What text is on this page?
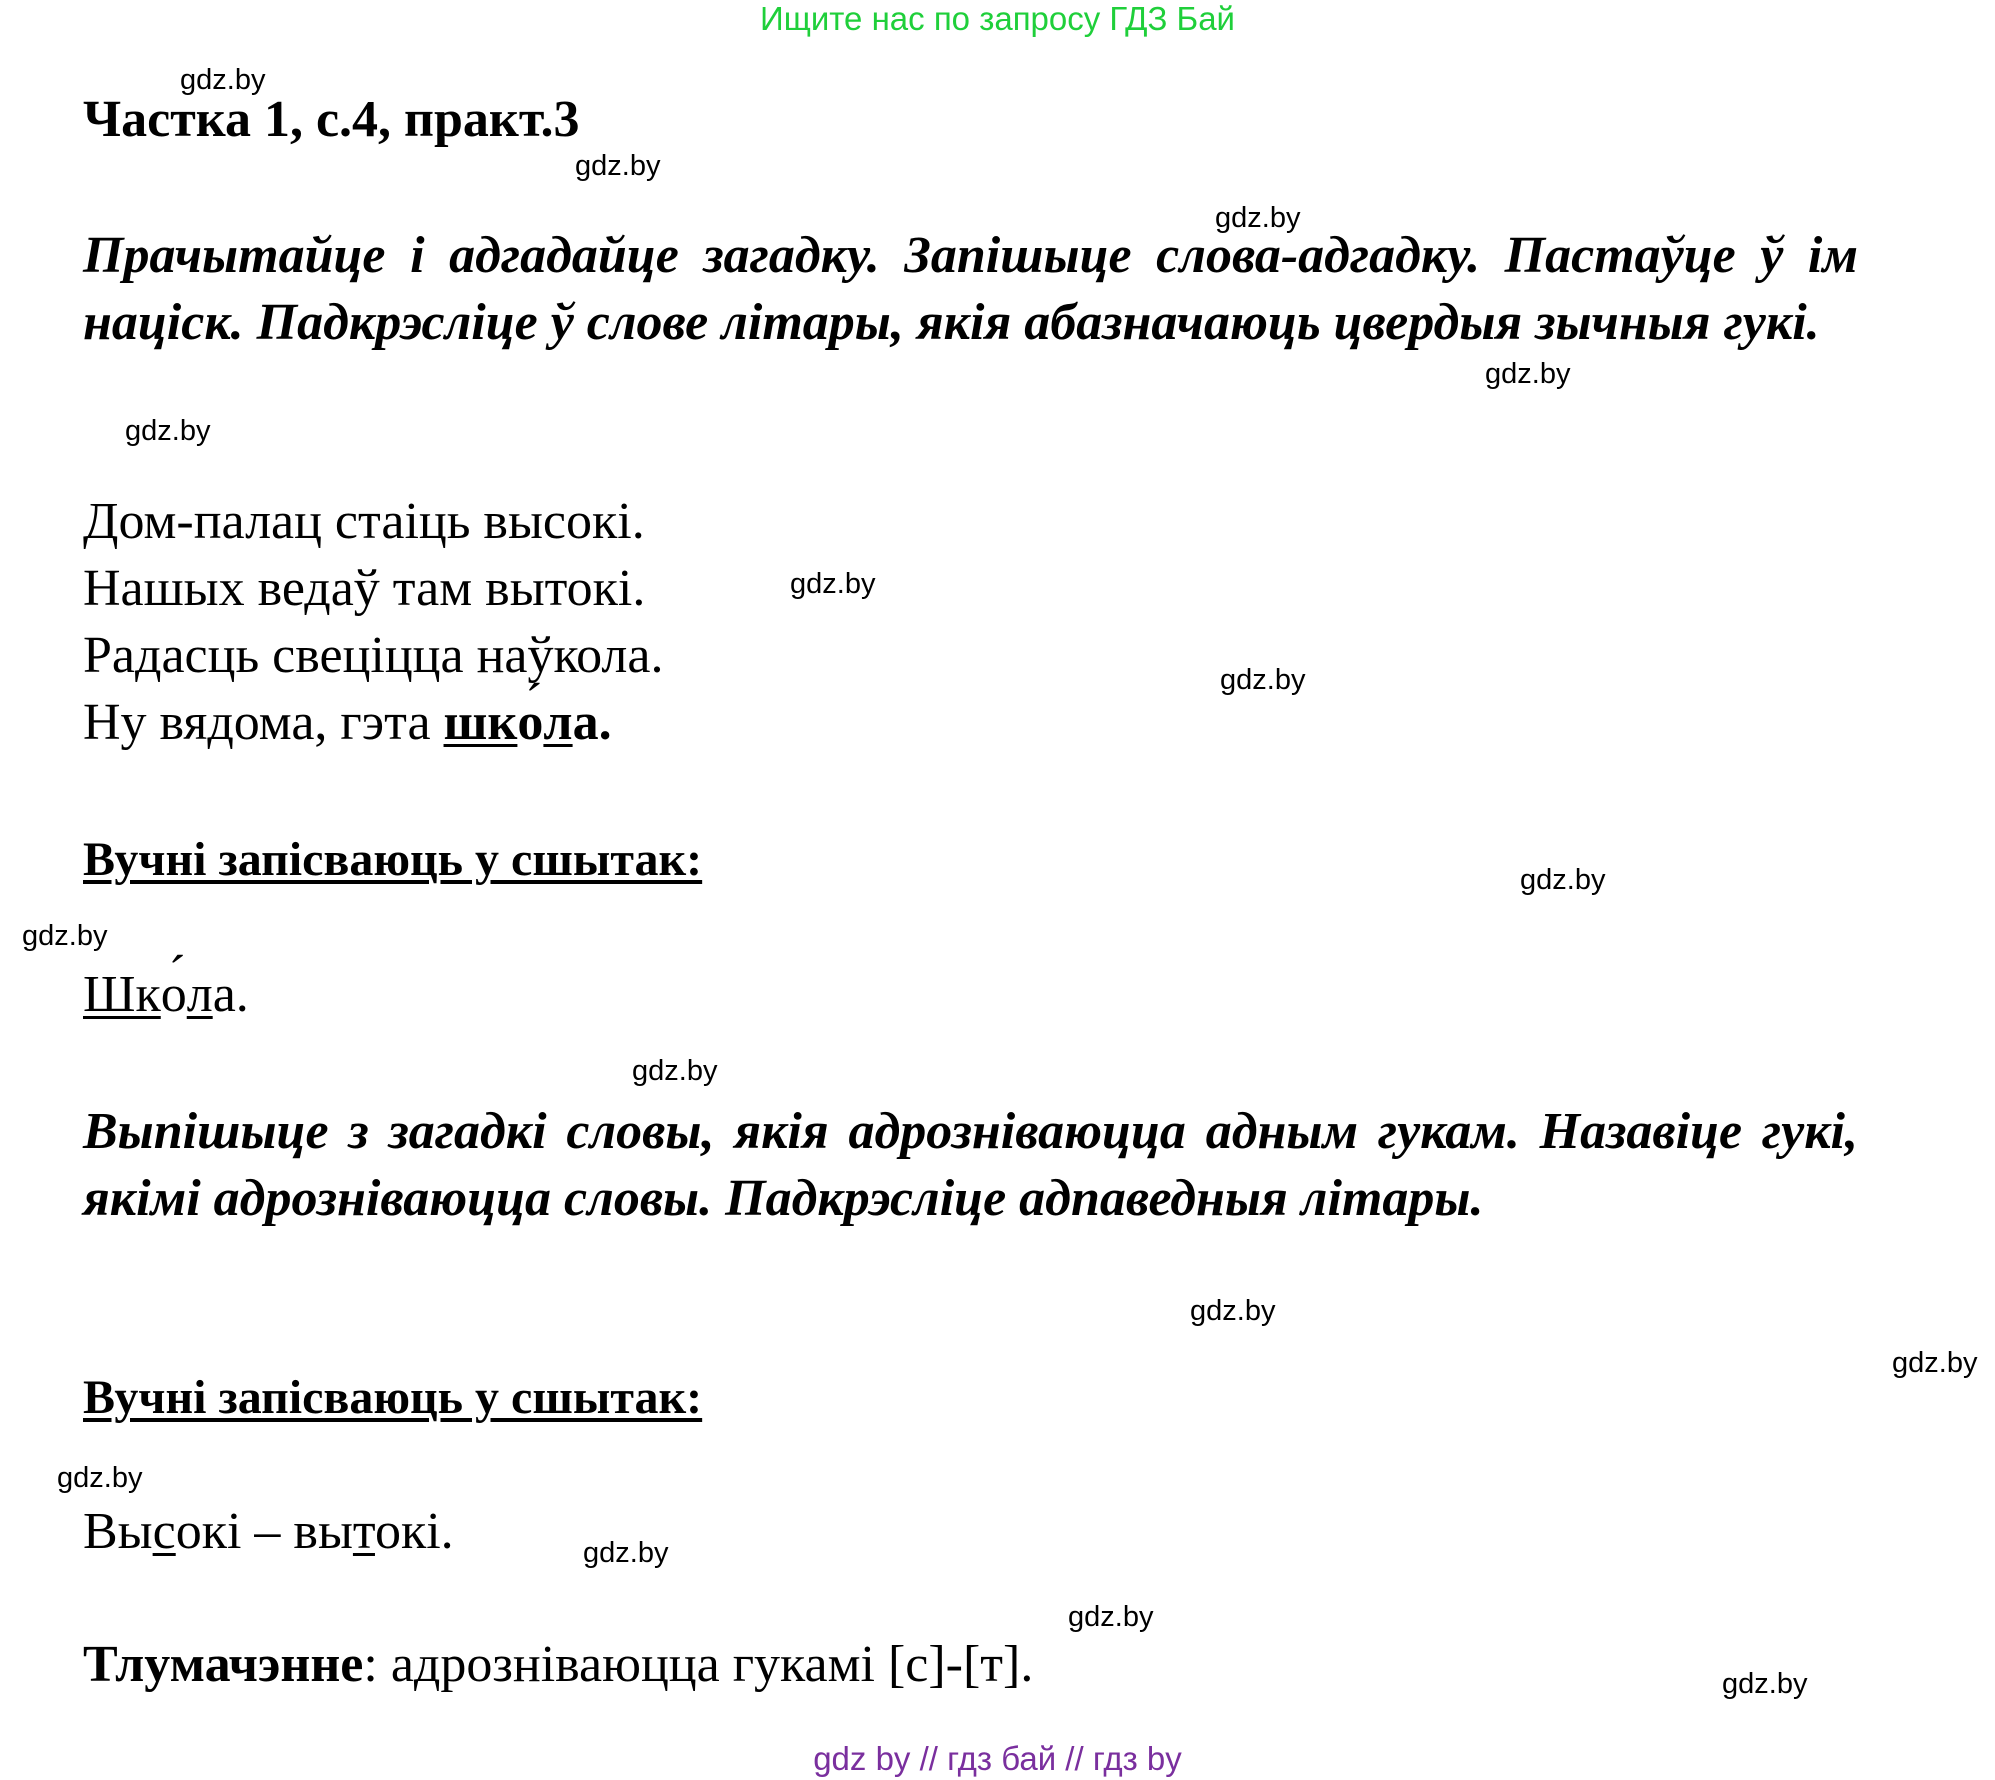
Ищите нас по запросу ГДЗ Бай
gdz.by
gdz.by
gdz.by
gdz.by
gdz.by
gdz.by
gdz.by
gdz.by
gdz.by
gdz.by
gdz.by
gdz.by
gdz.by
gdz.by
gdz.by
gdz.by
Частка 1, с.4, практ.3
Прачытайце і адгадайце загадку. Запішыце слова-адгадку. Пастаўце ў ім націск. Падкрэсліце ў слове літары, якія абазначаюць цвердыя зычныя гукі.
Дом-палац стаіць высокі.
Нашых ведаў там вытокі.
Радасць свеціцца наўкола.
Ну вядома, гэта шко ´ла.
Вучні запісваюць у сшытак:
Шко ´ла.
Выпішыце з загадкі словы, якія адрозніваюцца адным гукам. Назавіце гукі, якімі адрозніваюцца словы. Падкрэсліце адпаведныя літары.
Вучні запісваюць у сшытак:
Высокі – вытокі.
Тлумачэнне: адрозніваюцца гукамі [с]-[т].
gdz by // гдз бай // гдз by
